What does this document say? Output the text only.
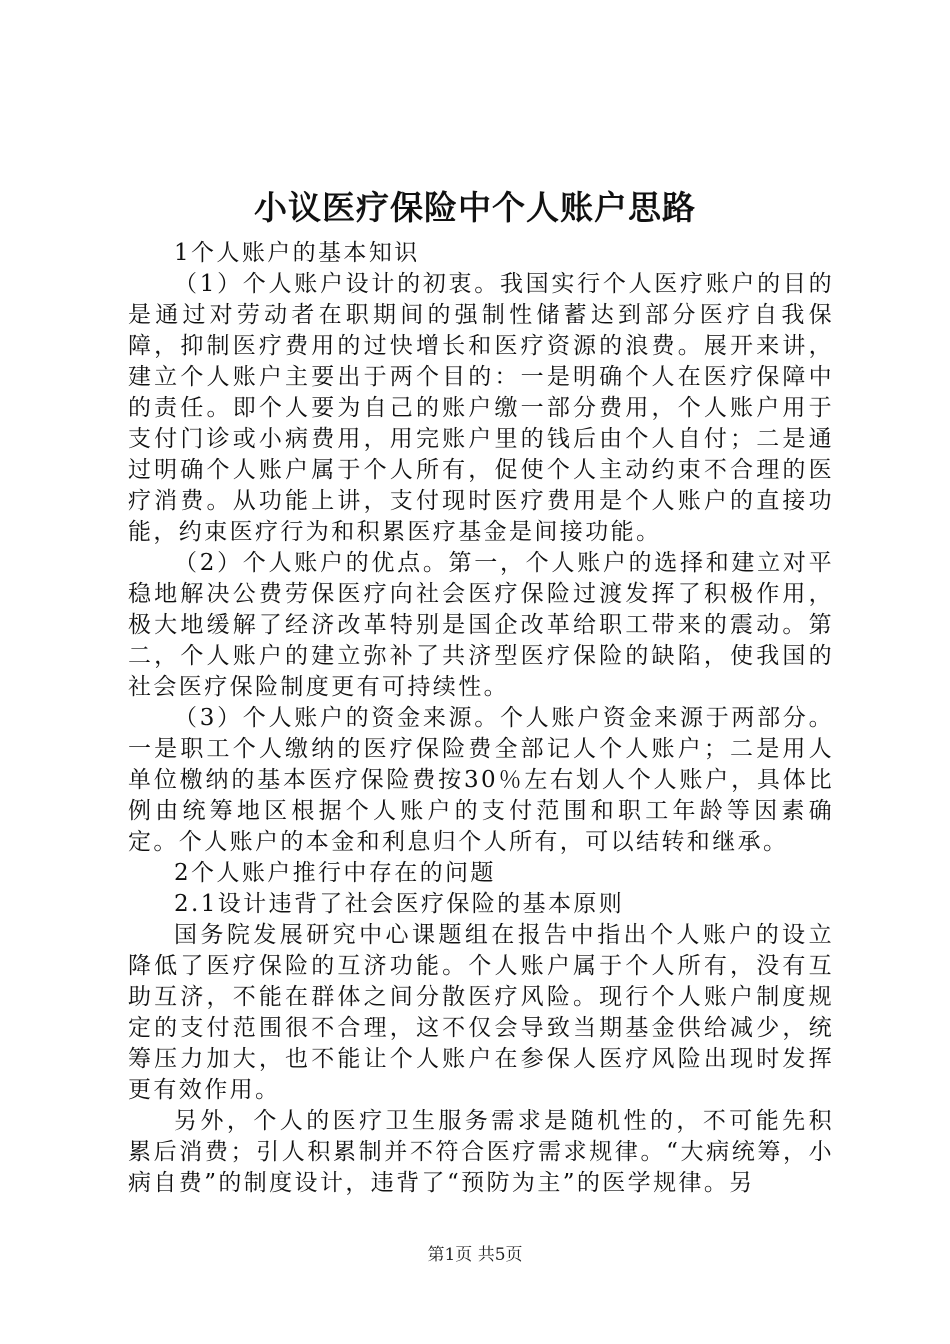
小议医疗保险中个人账户思路

1个人账户的基本知识

（1）个人账户设计的初衷。我国实行个人医疗账户的目的是通过对劳动者在职期间的强制性储蓄达到部分医疗自我保障，抑制医疗费用的过快增长和医疗资源的浪费。展开来讲，建立个人账户主要出于两个目的：一是明确个人在医疗保障中的责任。即个人要为自己的账户缴一部分费用，个人账户用于支付门诊或小病费用，用完账户里的钱后由个人自付；二是通过明确个人账户属于个人所有，促使个人主动约束不合理的医疗消费。从功能上讲，支付现时医疗费用是个人账户的直接功能，约束医疗行为和积累医疗基金是间接功能。

（2）个人账户的优点。第一，个人账户的选择和建立对平稳地解决公费劳保医疗向社会医疗保险过渡发挥了积极作用，极大地缓解了经济改革特别是国企改革给职工带来的震动。第二，个人账户的建立弥补了共济型医疗保险的缺陷，使我国的社会医疗保险制度更有可持续性。

（3）个人账户的资金来源。个人账户资金来源于两部分。一是职工个人缴纳的医疗保险费全部记人个人账户；二是用人单位檄纳的基本医疗保险费按30％左右划人个人账户，具体比例由统筹地区根据个人账户的支付范围和职工年龄等因素确定。个人账户的本金和利息归个人所有，可以结转和继承。

2个人账户推行中存在的问题

2.1设计违背了社会医疗保险的基本原则

国务院发展研究中心课题组在报告中指出个人账户的设立降低了医疗保险的互济功能。个人账户属于个人所有，没有互助互济，不能在群体之间分散医疗风险。现行个人账户制度规定的支付范围很不合理，这不仅会导致当期基金供给减少，统筹压力加大，也不能让个人账户在参保人医疗风险出现时发挥更有效作用。

另外，个人的医疗卫生服务需求是随机性的，不可能先积累后消费；引人积累制并不符合医疗需求规律。“大病统筹，小病自费”的制度设计，违背了“预防为主”的医学规律。另

第1页 共5页
